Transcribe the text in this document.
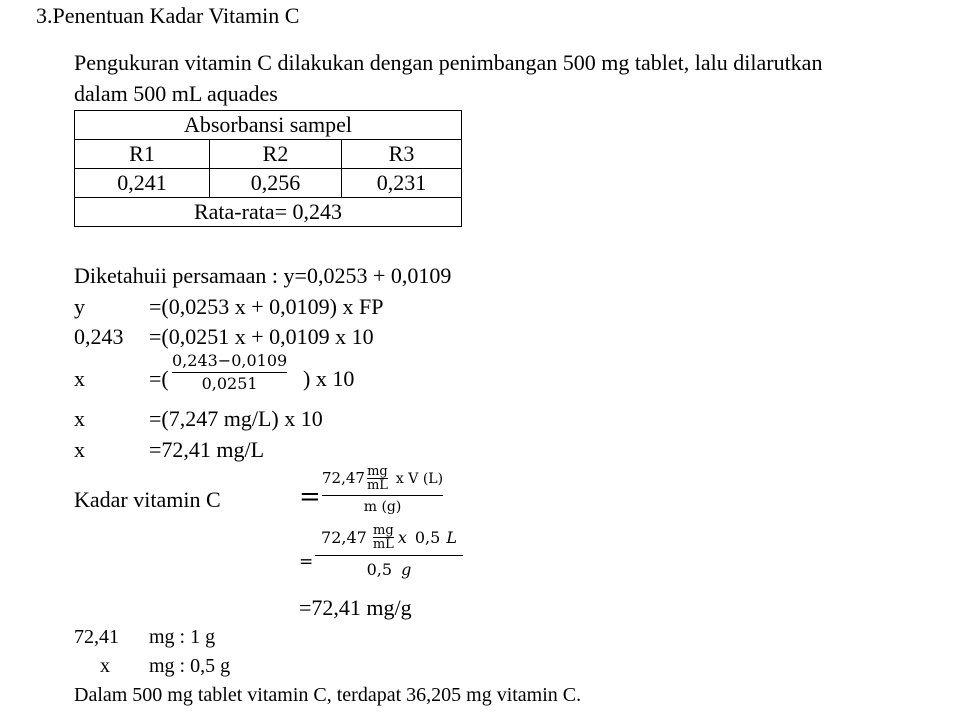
3.Penentuan Kadar Vitamin C
Pengukuran vitamin C dilakukan dengan penimbangan 500 mg tablet, lalu dilarutkan
dalam 500 mL aquades
Absorbansi sampel		
R1	R2	R3
0,241	0,256	0,231
Rata-rata= 0,243		
Diketahuii persamaan : y=0,0253 + 0,0109
y	=(0,0253 x + 0,0109) x FP
0,243 =(0,0251 x + 0,0109 x 10
x	=(
0,243−0,0109
0,0251 ) x 10
x	=(7,247 mg/L) x 10
x	=72,41 mg/L
Kadar vitamin C	=
72,47 mg
mL x V (L)
m (g)
=
72,47 mg
mL x 0,5 L
0,5 g
=72,41 mg/g
72,41 mg : 1 g
x mg : 0,5 g
Dalam 500 mg tablet vitamin C, terdapat 36,205 mg vitamin C.
